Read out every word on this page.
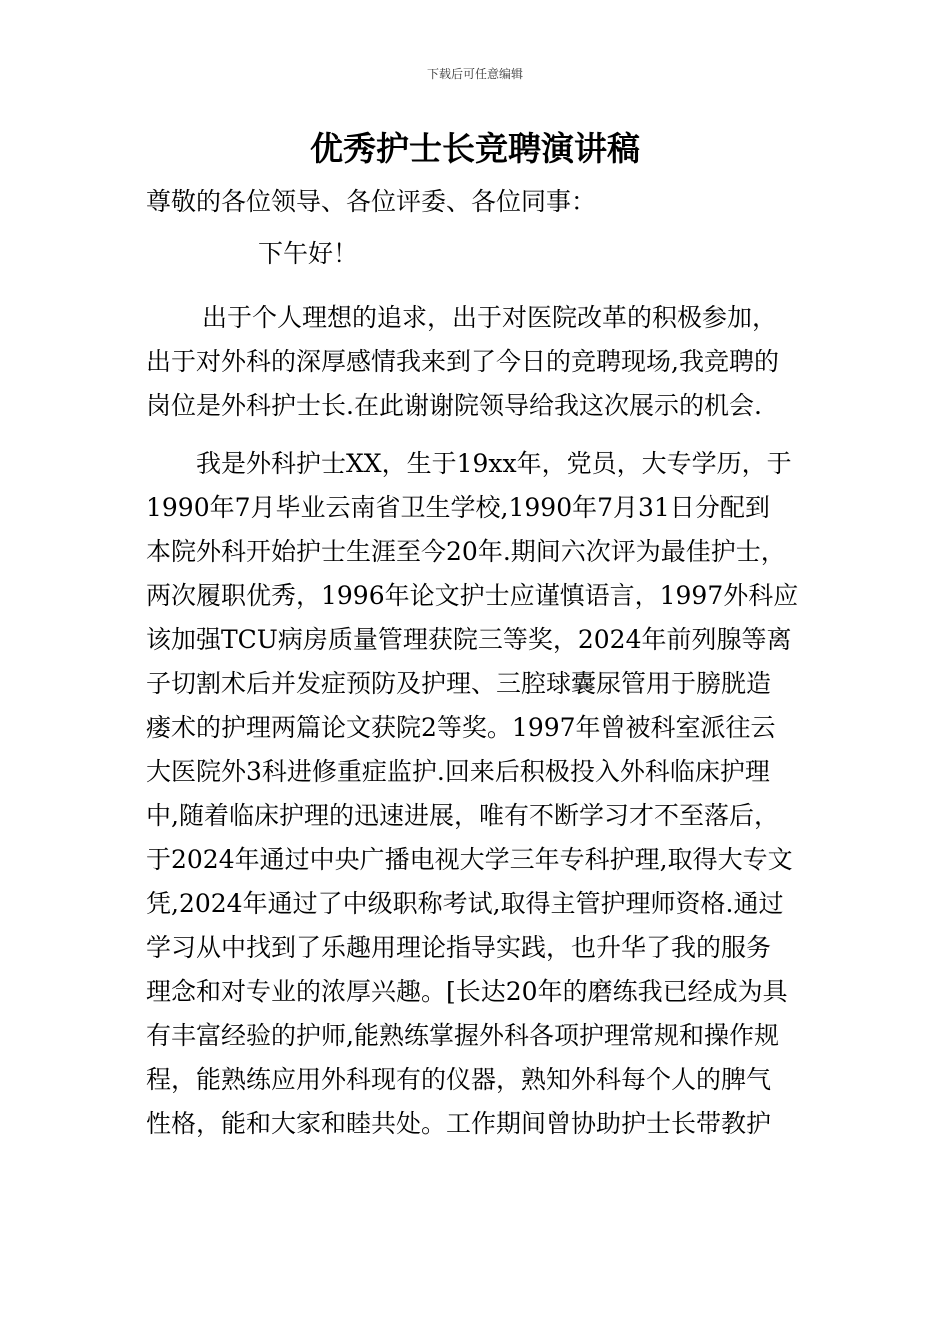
下载后可任意编辑
优秀护士长竞聘演讲稿
尊敬的各位领导、各位评委、各位同事：
下午好！
出于个人理想的追求，出于对医院改革的积极参加，
出于对外科的深厚感情我来到了今日的竞聘现场,我竞聘的
岗位是外科护士长.在此谢谢院领导给我这次展示的机会.
我是外科护士XX，生于19xx年，党员，大专学历，于
1990年7月毕业云南省卫生学校,1990年7月31日分配到
本院外科开始护士生涯至今20年.期间六次评为最佳护士，
两次履职优秀，1996年论文护士应谨慎语言，1997外科应
该加强TCU病房质量管理获院三等奖，2024年前列腺等离
子切割术后并发症预防及护理、三腔球囊尿管用于膀胱造
瘘术的护理两篇论文获院2等奖。1997年曾被科室派往云
大医院外3科进修重症监护.回来后积极投入外科临床护理
中,随着临床护理的迅速进展，唯有不断学习才不至落后，
于2024年通过中央广播电视大学三年专科护理,取得大专文
凭,2024年通过了中级职称考试,取得主管护理师资格.通过
学习从中找到了乐趣用理论指导实践，也升华了我的服务
理念和对专业的浓厚兴趣。[长达20年的磨练我已经成为具
有丰富经验的护师,能熟练掌握外科各项护理常规和操作规
程，能熟练应用外科现有的仪器，熟知外科每个人的脾气
性格，能和大家和睦共处。工作期间曾协助护士长带教护
